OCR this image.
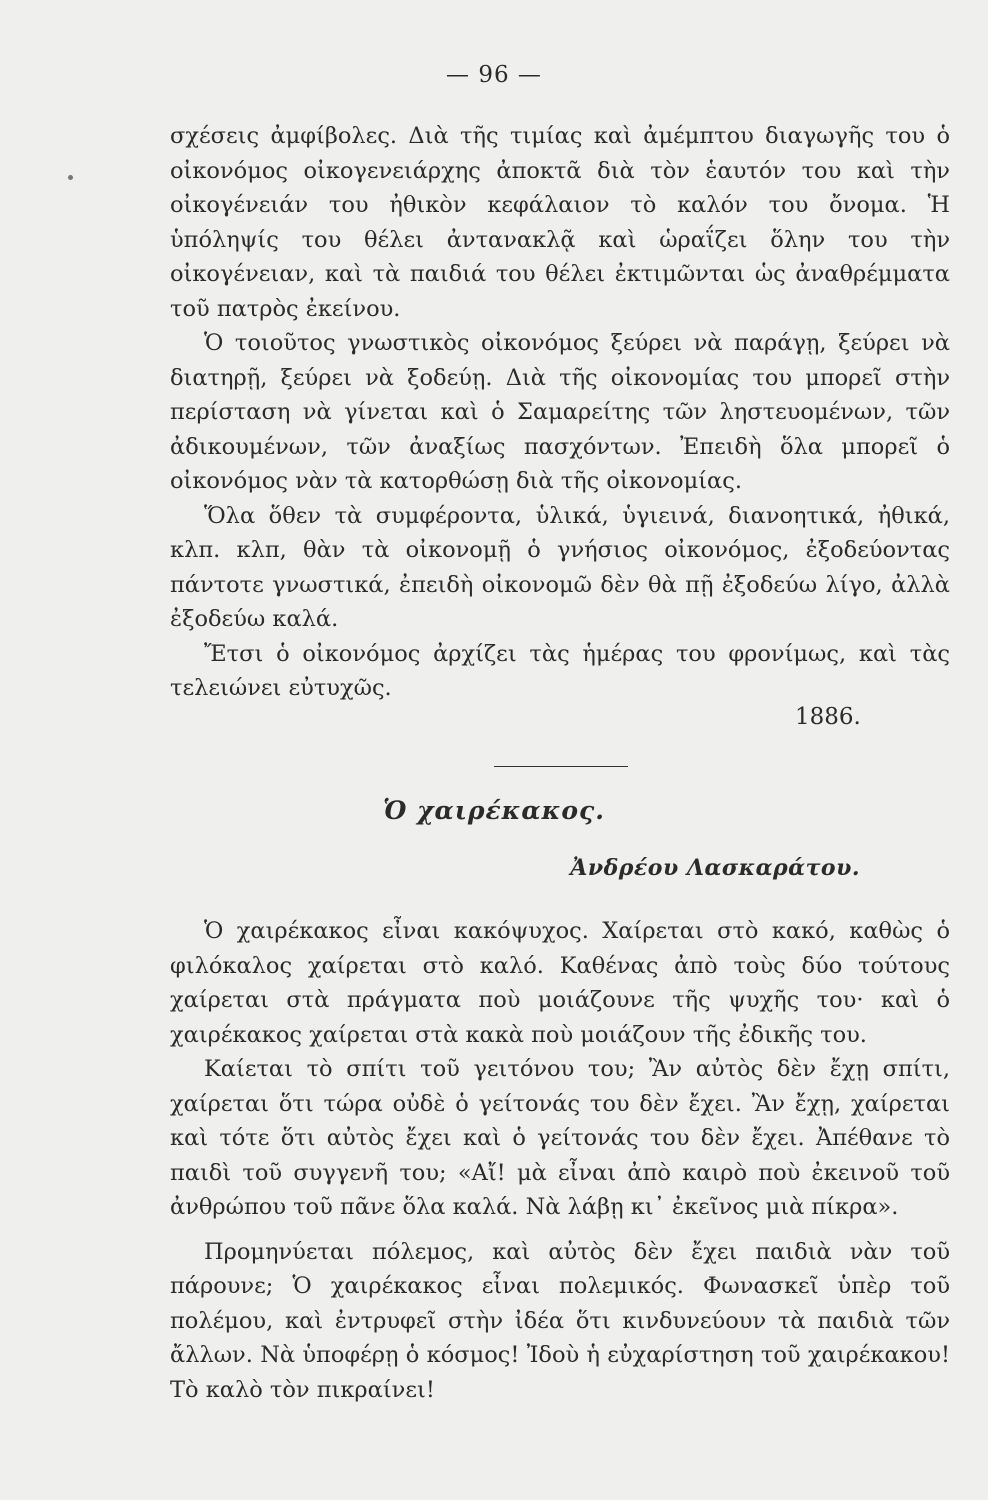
— 96 —

σχέσεις ἀμφίβολες. Διὰ τῆς τιμίας καὶ ἀμέμπτου διαγωγῆς του ὁ οἰκονόμος οἰκογενειάρχης ἀποκτᾶ διὰ τὸν ἑαυτόν του καὶ τὴν οἰκογένειάν του ἠθικὸν κεφάλαιον τὸ καλόν του ὄνομα. Ἡ ὑπόληψίς του θέλει ἀντανακλᾷ καὶ ὡραΐζει ὅλην του τὴν οἰκογένειαν, καὶ τὰ παιδιά του θέλει ἐκτιμῶνται ὡς ἀναθρέμματα τοῦ πατρὸς ἐκείνου.

Ὁ τοιοῦτος γνωστικὸς οἰκονόμος ξεύρει νὰ παράγῃ, ξεύρει νὰ διατηρῇ, ξεύρει νὰ ξοδεύῃ. Διὰ τῆς οἰκονομίας του μπορεῖ στὴν περίσταση νὰ γίνεται καὶ ὁ Σαμαρείτης τῶν ληστευομένων, τῶν ἀδικουμένων, τῶν ἀναξίως πασχόντων. Ἐπειδὴ ὅλα μπορεῖ ὁ οἰκονόμος νὰν τὰ κατορθώσῃ διὰ τῆς οἰκονομίας.

Ὅλα ὅθεν τὰ συμφέροντα, ὑλικά, ὑγιεινά, διανοητικά, ἠθικά, κλπ. κλπ, θὰν τὰ οἰκονομῇ ὁ γνήσιος οἰκονόμος, ἐξοδεύοντας πάντοτε γνωστικά, ἐπειδὴ οἰκονομῶ δὲν θὰ πῇ ἐξοδεύω λίγο, ἀλλὰ ἐξοδεύω καλά.

Ἔτσι ὁ οἰκονόμος ἀρχίζει τὰς ἡμέρας του φρονίμως, καὶ τὰς τελειώνει εὐτυχῶς.

1886.
Ὁ χαιρέκακος.
Ἀνδρέου Λασκαράτου.

Ὁ χαιρέκακος εἶναι κακόψυχος. Χαίρεται στὸ κακό, καθὼς ὁ φιλόκαλος χαίρεται στὸ καλό. Καθένας ἀπὸ τοὺς δύο τούτους χαίρεται στὰ πράγματα ποὺ μοιάζουνε τῆς ψυχῆς του· καὶ ὁ χαιρέκακος χαίρεται στὰ κακὰ ποὺ μοιάζουν τῆς ἐδικῆς του.

Καίεται τὸ σπίτι τοῦ γειτόνου του; Ἂν αὐτὸς δὲν ἔχῃ σπίτι, χαίρεται ὅτι τώρα οὐδὲ ὁ γείτονάς του δὲν ἔχει. Ἂν ἔχῃ, χαίρεται καὶ τότε ὅτι αὐτὸς ἔχει καὶ ὁ γείτονάς του δὲν ἔχει. Ἀπέθανε τὸ παιδὶ τοῦ συγγενῆ του; «Αἴ! μὰ εἶναι ἀπὸ καιρὸ ποὺ ἐκεινοῦ τοῦ ἀνθρώπου τοῦ πᾶνε ὅλα καλά. Νὰ λάβῃ κι᾿ ἐκεῖνος μιὰ πίκρα».

Προμηνύεται πόλεμος, καὶ αὐτὸς δὲν ἔχει παιδιὰ νὰν τοῦ πάρουνε; Ὁ χαιρέκακος εἶναι πολεμικός. Φωνασκεῖ ὑπὲρ τοῦ πολέμου, καὶ ἐντρυφεῖ στὴν ἰδέα ὅτι κινδυνεύουν τὰ παιδιὰ τῶν ἄλλων. Νὰ ὑποφέρῃ ὁ κόσμος! Ἰδοὺ ἡ εὐχαρίστηση τοῦ χαιρέκακου! Τὸ καλὸ τὸν πικραίνει!
